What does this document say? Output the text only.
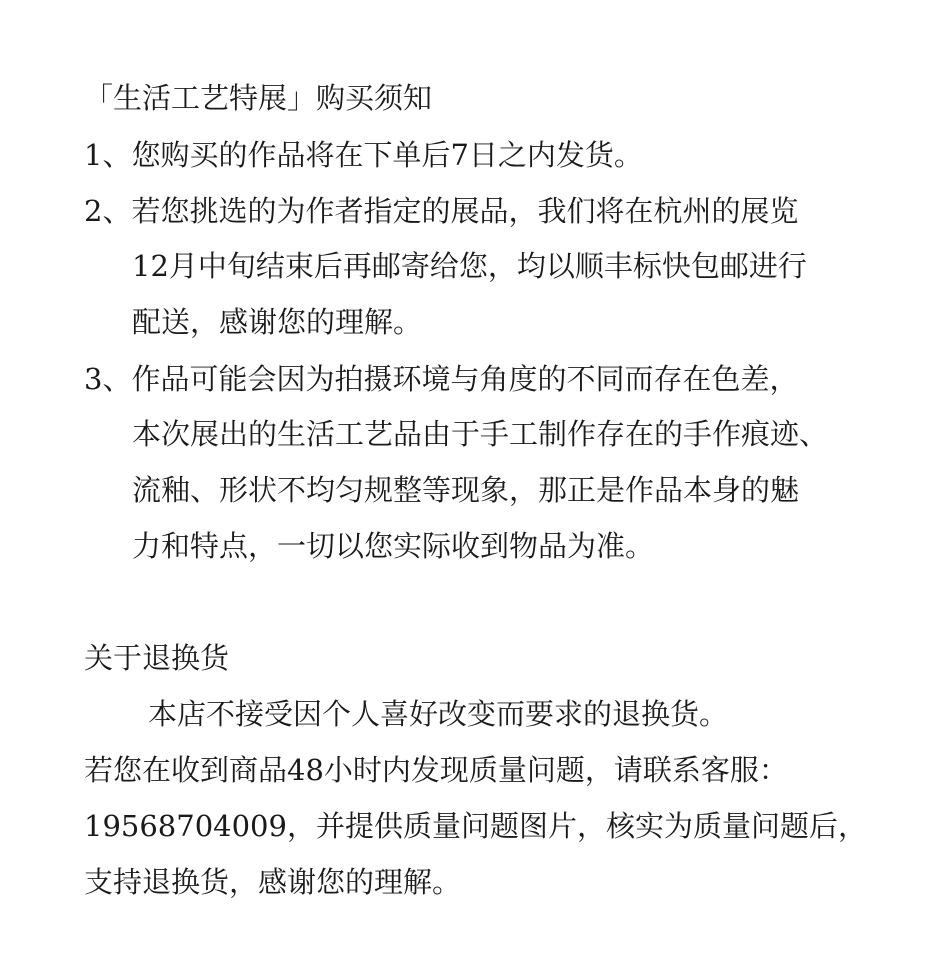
「生活工艺特展」购买须知
1、您购买的作品将在下单后7日之内发货。
2、若您挑选的为作者指定的展品，我们将在杭州的展览
12月中旬结束后再邮寄给您，均以顺丰标快包邮进行
配送，感谢您的理解。
3、作品可能会因为拍摄环境与角度的不同而存在色差，
本次展出的生活工艺品由于手工制作存在的手作痕迹、
流釉、形状不均匀规整等现象，那正是作品本身的魅
力和特点，一切以您实际收到物品为准。
关于退换货
本店不接受因个人喜好改变而要求的退换货。
若您在收到商品48小时内发现质量问题，请联系客服：
19568704009，并提供质量问题图片，核实为质量问题后，
支持退换货，感谢您的理解。
